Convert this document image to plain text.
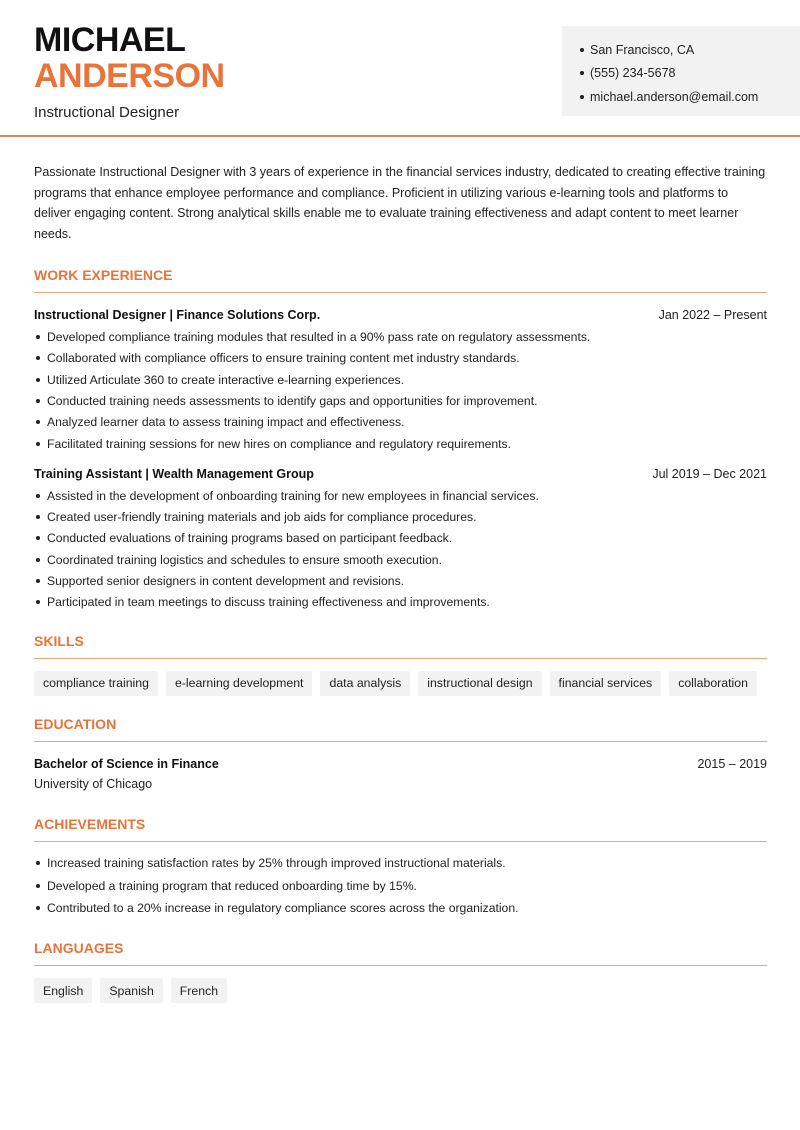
MICHAEL
ANDERSON
Instructional Designer
San Francisco, CA
(555) 234-5678
michael.anderson@email.com

Passionate Instructional Designer with 3 years of experience in the financial services industry, dedicated to creating effective training programs that enhance employee performance and compliance. Proficient in utilizing various e-learning tools and platforms to deliver engaging content. Strong analytical skills enable me to evaluate training effectiveness and adapt content to meet learner needs.

WORK EXPERIENCE
Instructional Designer | Finance Solutions Corp.	Jan 2022 – Present
Developed compliance training modules that resulted in a 90% pass rate on regulatory assessments.
Collaborated with compliance officers to ensure training content met industry standards.
Utilized Articulate 360 to create interactive e-learning experiences.
Conducted training needs assessments to identify gaps and opportunities for improvement.
Analyzed learner data to assess training impact and effectiveness.
Facilitated training sessions for new hires on compliance and regulatory requirements.
Training Assistant | Wealth Management Group	Jul 2019 – Dec 2021
Assisted in the development of onboarding training for new employees in financial services.
Created user-friendly training materials and job aids for compliance procedures.
Conducted evaluations of training programs based on participant feedback.
Coordinated training logistics and schedules to ensure smooth execution.
Supported senior designers in content development and revisions.
Participated in team meetings to discuss training effectiveness and improvements.
SKILLS
compliance training	e-learning development	data analysis	instructional design	financial services	collaboration
EDUCATION
Bachelor of Science in Finance	2015 – 2019
University of Chicago
ACHIEVEMENTS
Increased training satisfaction rates by 25% through improved instructional materials.
Developed a training program that reduced onboarding time by 15%.
Contributed to a 20% increase in regulatory compliance scores across the organization.
LANGUAGES
English	Spanish	French
